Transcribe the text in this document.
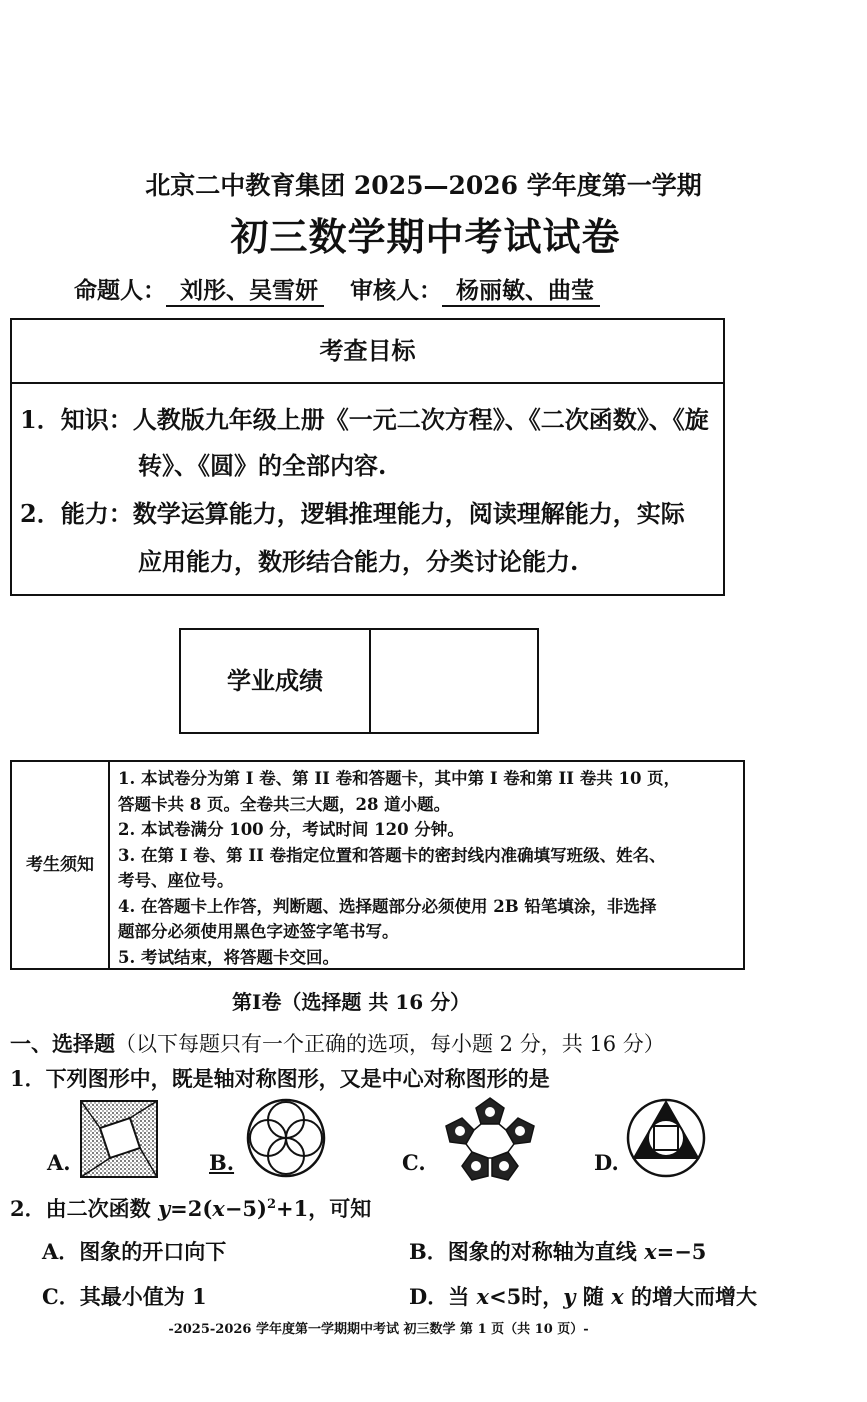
北京二中教育集团 2025—2026 学年度第一学期
初三数学期中考试试卷
命题人： 刘彤、吴雪妍 审核人： 杨丽敏、曲莹
考查目标
1．知识：人教版九年级上册《一元二次方程》、《二次函数》、《旋
转》、《圆》的全部内容.
2．能力：数学运算能力，逻辑推理能力，阅读理解能力，实际
应用能力，数形结合能力，分类讨论能力.
学业成绩
考生须知
1. 本试卷分为第 I 卷、第 II 卷和答题卡，其中第 I 卷和第 II 卷共 10 页，
答题卡共 8 页。全卷共三大题，28 道小题。
2. 本试卷满分 100 分，考试时间 120 分钟。
3. 在第 I 卷、第 II 卷指定位置和答题卡的密封线内准确填写班级、姓名、
考号、座位号。
4. 在答题卡上作答，判断题、选择题部分必须使用 2B 铅笔填涂，非选择
题部分必须使用黑色字迹签字笔书写。
5. 考试结束，将答题卡交回。
第I卷（选择题 共 16 分）
一、选择题（以下每题只有一个正确的选项，每小题 2 分，共 16 分）
1．下列图形中，既是轴对称图形，又是中心对称图形的是
A.	B.	C.	D.
2．由二次函数 $y=2(x-5)^2+1$，可知
A．图象的开口向下	B．图象的对称轴为直线 x=−5
C．其最小值为 1	D．当 x<5时，y 随 x 的增大而增大
-2025-2026 学年度第一学期期中考试 初三数学 第 1 页（共 10 页）-
